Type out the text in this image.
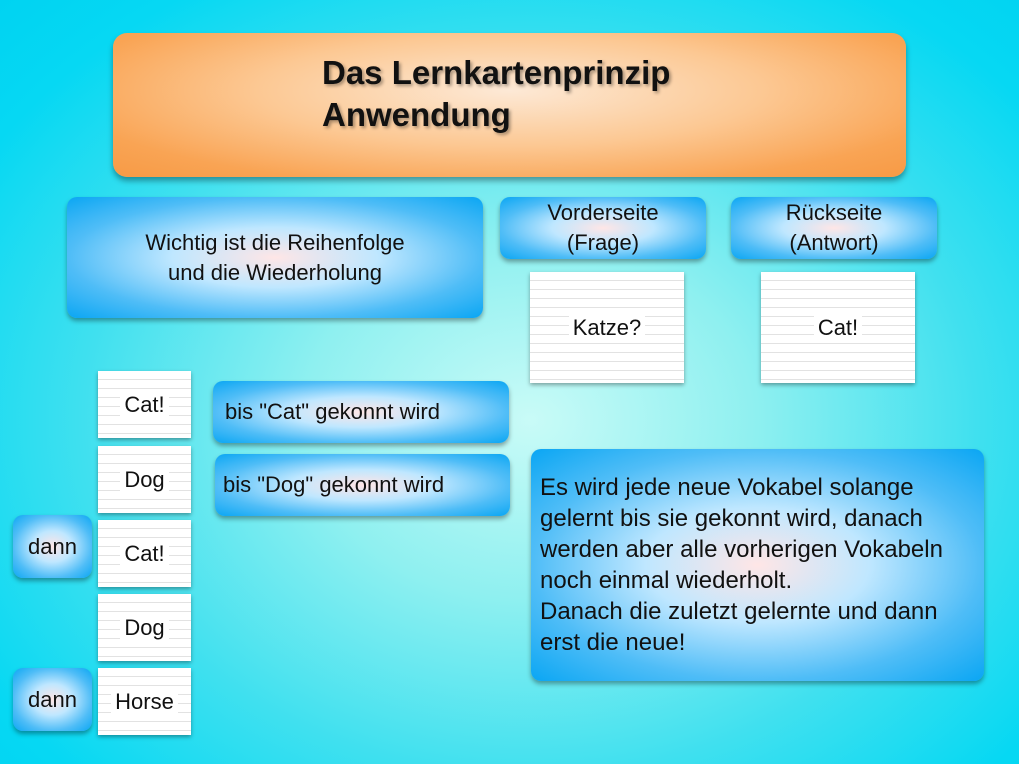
Das Lernkartenprinzip
Anwendung
Wichtig ist die Reihenfolge
und die Wiederholung
Vorderseite
(Frage)
Rückseite
(Antwort)
Katze?	Cat!
Cat!
Dog
Cat!
Dog
Horse
bis "Cat" gekonnt wird
bis "Dog" gekonnt wird
dann
dann
Es wird jede neue Vokabel solange
gelernt bis sie gekonnt wird, danach
werden aber alle vorherigen Vokabeln
noch einmal wiederholt.
Danach die zuletzt gelernte und dann
erst die neue!
